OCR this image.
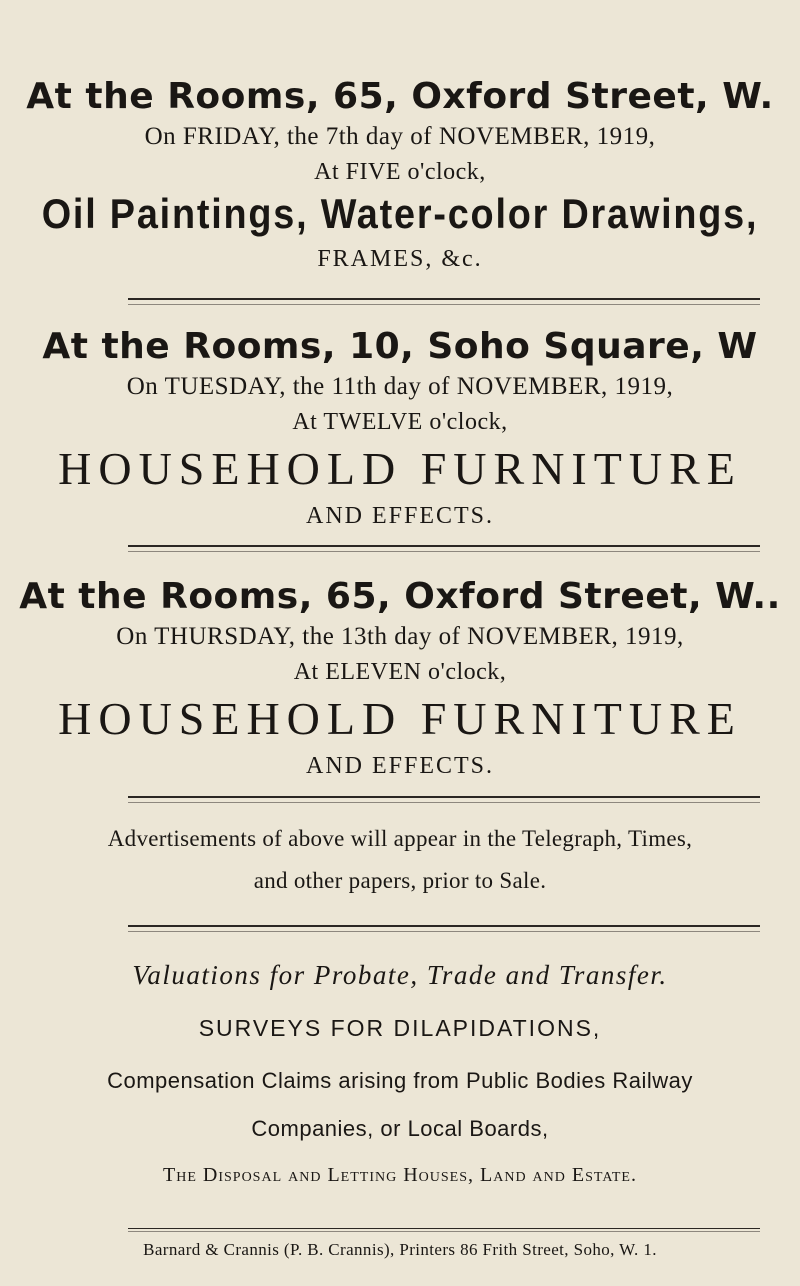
At the Rooms, 65, Oxford Street, W.
On FRIDAY, the 7th day of NOVEMBER, 1919,
At FIVE o'clock,
Oil Paintings, Water-color Drawings,
FRAMES, &c.
At the Rooms, 10, Soho Square, W
On TUESDAY, the 11th day of NOVEMBER, 1919,
At TWELVE o'clock,
HOUSEHOLD FURNITURE
AND EFFECTS.
At the Rooms, 65, Oxford Street, W..
On THURSDAY, the 13th day of NOVEMBER, 1919,
At ELEVEN o'clock,
HOUSEHOLD FURNITURE
AND EFFECTS.
Advertisements of above will appear in the Telegraph, Times,
and other papers, prior to Sale.
Valuations for Probate, Trade and Transfer.
SURVEYS FOR DILAPIDATIONS,
Compensation Claims arising from Public Bodies Railway
Companies, or Local Boards,
The Disposal and Letting Houses, Land and Estate.
Barnard & Crannis (P. B. Crannis), Printers 86 Frith Street, Soho, W. 1.
